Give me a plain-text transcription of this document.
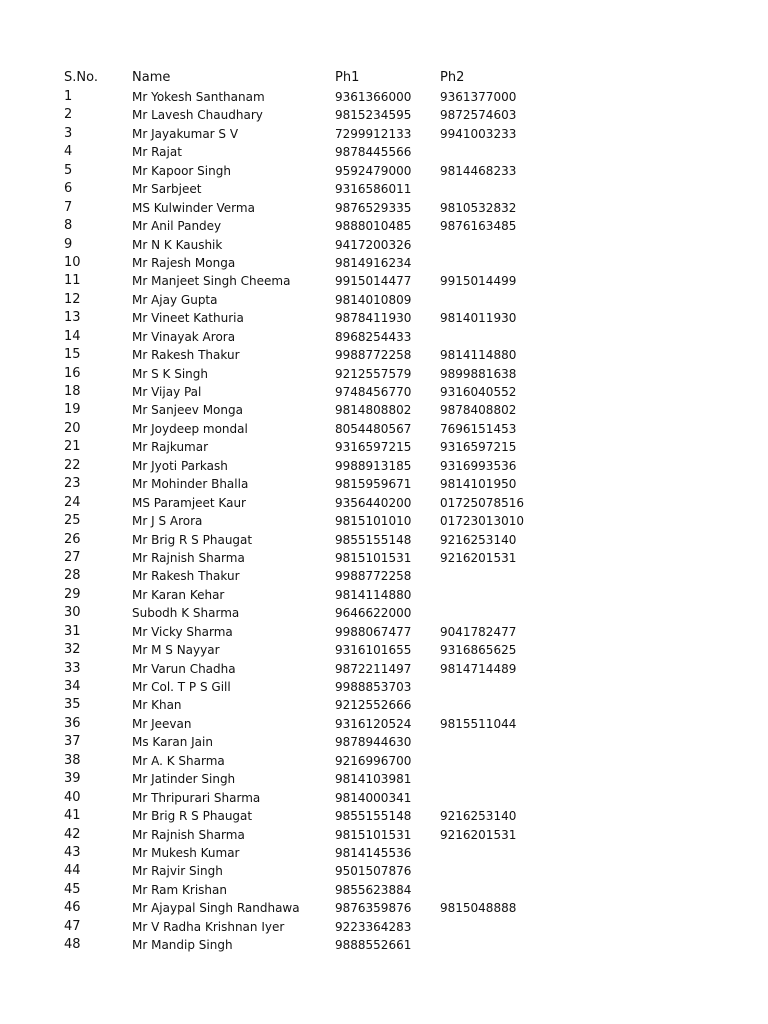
S.No.	Name	Ph1	Ph2
1	Mr Yokesh Santhanam	9361366000 9361377000
2	Mr Lavesh Chaudhary	9815234595 9872574603
3	Mr Jayakumar S V	7299912133 9941003233
4	Mr Rajat	9878445566
5	Mr Kapoor Singh	9592479000 9814468233
6	Mr Sarbjeet	9316586011
7	MS Kulwinder Verma	9876529335 9810532832
8	Mr Anil Pandey	9888010485 9876163485
9	Mr N K Kaushik	9417200326
10	Mr Rajesh Monga	9814916234
11	Mr Manjeet Singh Cheema	9915014477 9915014499
12	Mr Ajay Gupta	9814010809
13	Mr Vineet Kathuria	9878411930 9814011930
14	Mr Vinayak Arora	8968254433
15	Mr Rakesh Thakur	9988772258 9814114880
16	Mr S K Singh	9212557579 9899881638
18	Mr Vijay Pal	9748456770 9316040552
19	Mr Sanjeev Monga	9814808802 9878408802
20	Mr Joydeep mondal	8054480567 7696151453
21	Mr Rajkumar	9316597215 9316597215
22	Mr Jyoti Parkash	9988913185 9316993536
23	Mr Mohinder Bhalla	9815959671 9814101950
24	MS Paramjeet Kaur	9356440200 01725078516
25	Mr J S Arora	9815101010 01723013010
26	Mr Brig R S Phaugat	9855155148 9216253140
27	Mr Rajnish Sharma	9815101531 9216201531
28	Mr Rakesh Thakur	9988772258
29	Mr Karan Kehar	9814114880
30	Subodh K Sharma	9646622000
31	Mr Vicky Sharma	9988067477 9041782477
32	Mr M S Nayyar	9316101655 9316865625
33	Mr Varun Chadha	9872211497 9814714489
34	Mr Col. T P S Gill	9988853703
35	Mr Khan	9212552666
36	Mr Jeevan	9316120524 9815511044
37	Ms Karan Jain	9878944630
38	Mr A. K Sharma	9216996700
39	Mr Jatinder Singh	9814103981
40	Mr Thripurari Sharma	9814000341
41	Mr Brig R S Phaugat	9855155148 9216253140
42	Mr Rajnish Sharma	9815101531 9216201531
43	Mr Mukesh Kumar	9814145536
44	Mr Rajvir Singh	9501507876
45	Mr Ram Krishan	9855623884
46	Mr Ajaypal Singh Randhawa	9876359876 9815048888
47	Mr V Radha Krishnan Iyer	9223364283
48	Mr Mandip Singh	9888552661
